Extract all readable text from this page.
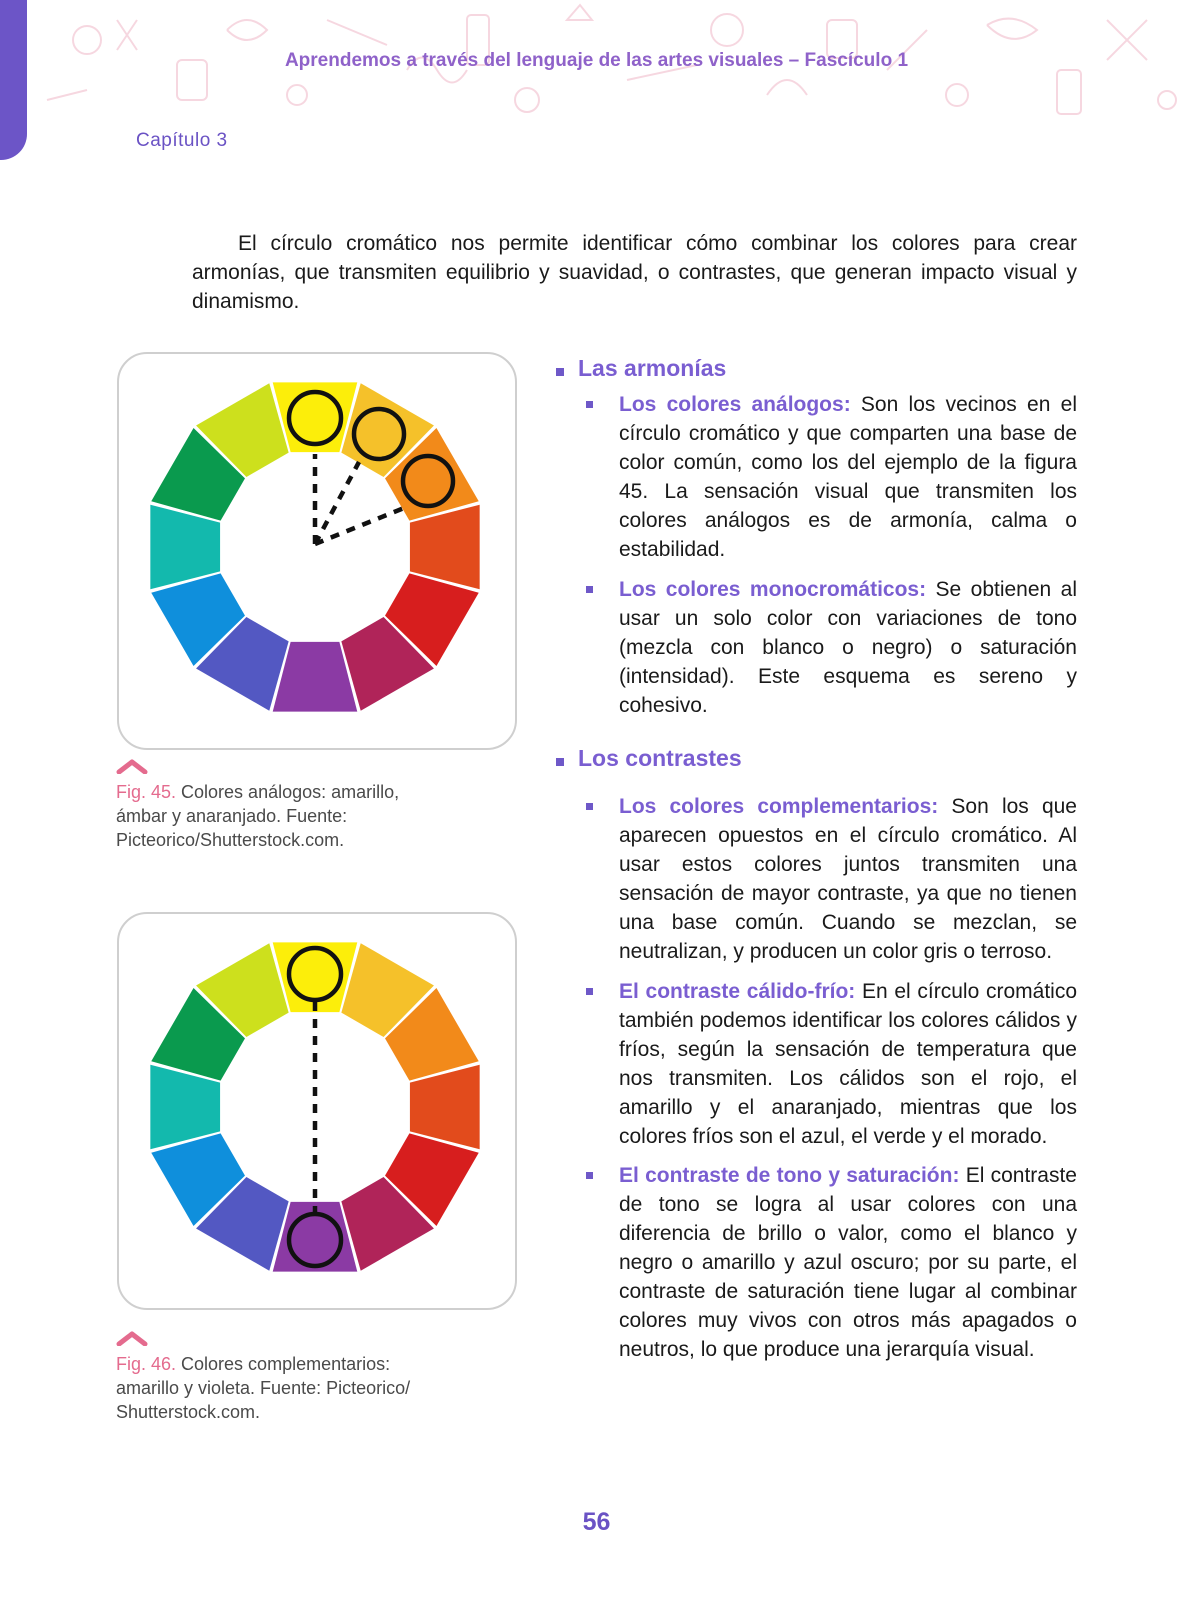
Aprendemos a través del lenguaje de las artes visuales – Fascículo 1
Capítulo 3

El círculo cromático nos permite identificar cómo combinar los colores para crear armonías, que transmiten equilibrio y suavidad, o contrastes, que generan impacto visual y dinamismo.

Fig. 45. Colores análogos: amarillo, ámbar y anaranjado. Fuente: Picteorico/Shutterstock.com.

Fig. 46. Colores complementarios: amarillo y violeta. Fuente: Picteorico/ Shutterstock.com.

Las armonías

Los colores análogos: Son los vecinos en el círculo cromático y que comparten una base de color común, como los del ejemplo de la figura 45. La sensación visual que transmiten los colores análogos es de armonía, calma o estabilidad.

Los colores monocromáticos: Se obtienen al usar un solo color con variaciones de tono (mezcla con blanco o negro) o saturación (intensidad). Este esquema es sereno y cohesivo.

Los contrastes

Los colores complementarios: Son los que aparecen opuestos en el círculo cromático. Al usar estos colores juntos transmiten una sensación de mayor contraste, ya que no tienen una base común. Cuando se mezclan, se neutralizan, y producen un color gris o terroso.

El contraste cálido-frío: En el círculo cromático también podemos identificar los colores cálidos y fríos, según la sensación de temperatura que nos transmiten. Los cálidos son el rojo, el amarillo y el anaranjado, mientras que los colores fríos son el azul, el verde y el morado.

El contraste de tono y saturación: El contraste de tono se logra al usar colores con una diferencia de brillo o valor, como el blanco y negro o amarillo y azul oscuro; por su parte, el contraste de saturación tiene lugar al combinar colores muy vivos con otros más apagados o neutros, lo que produce una jerarquía visual.

56
